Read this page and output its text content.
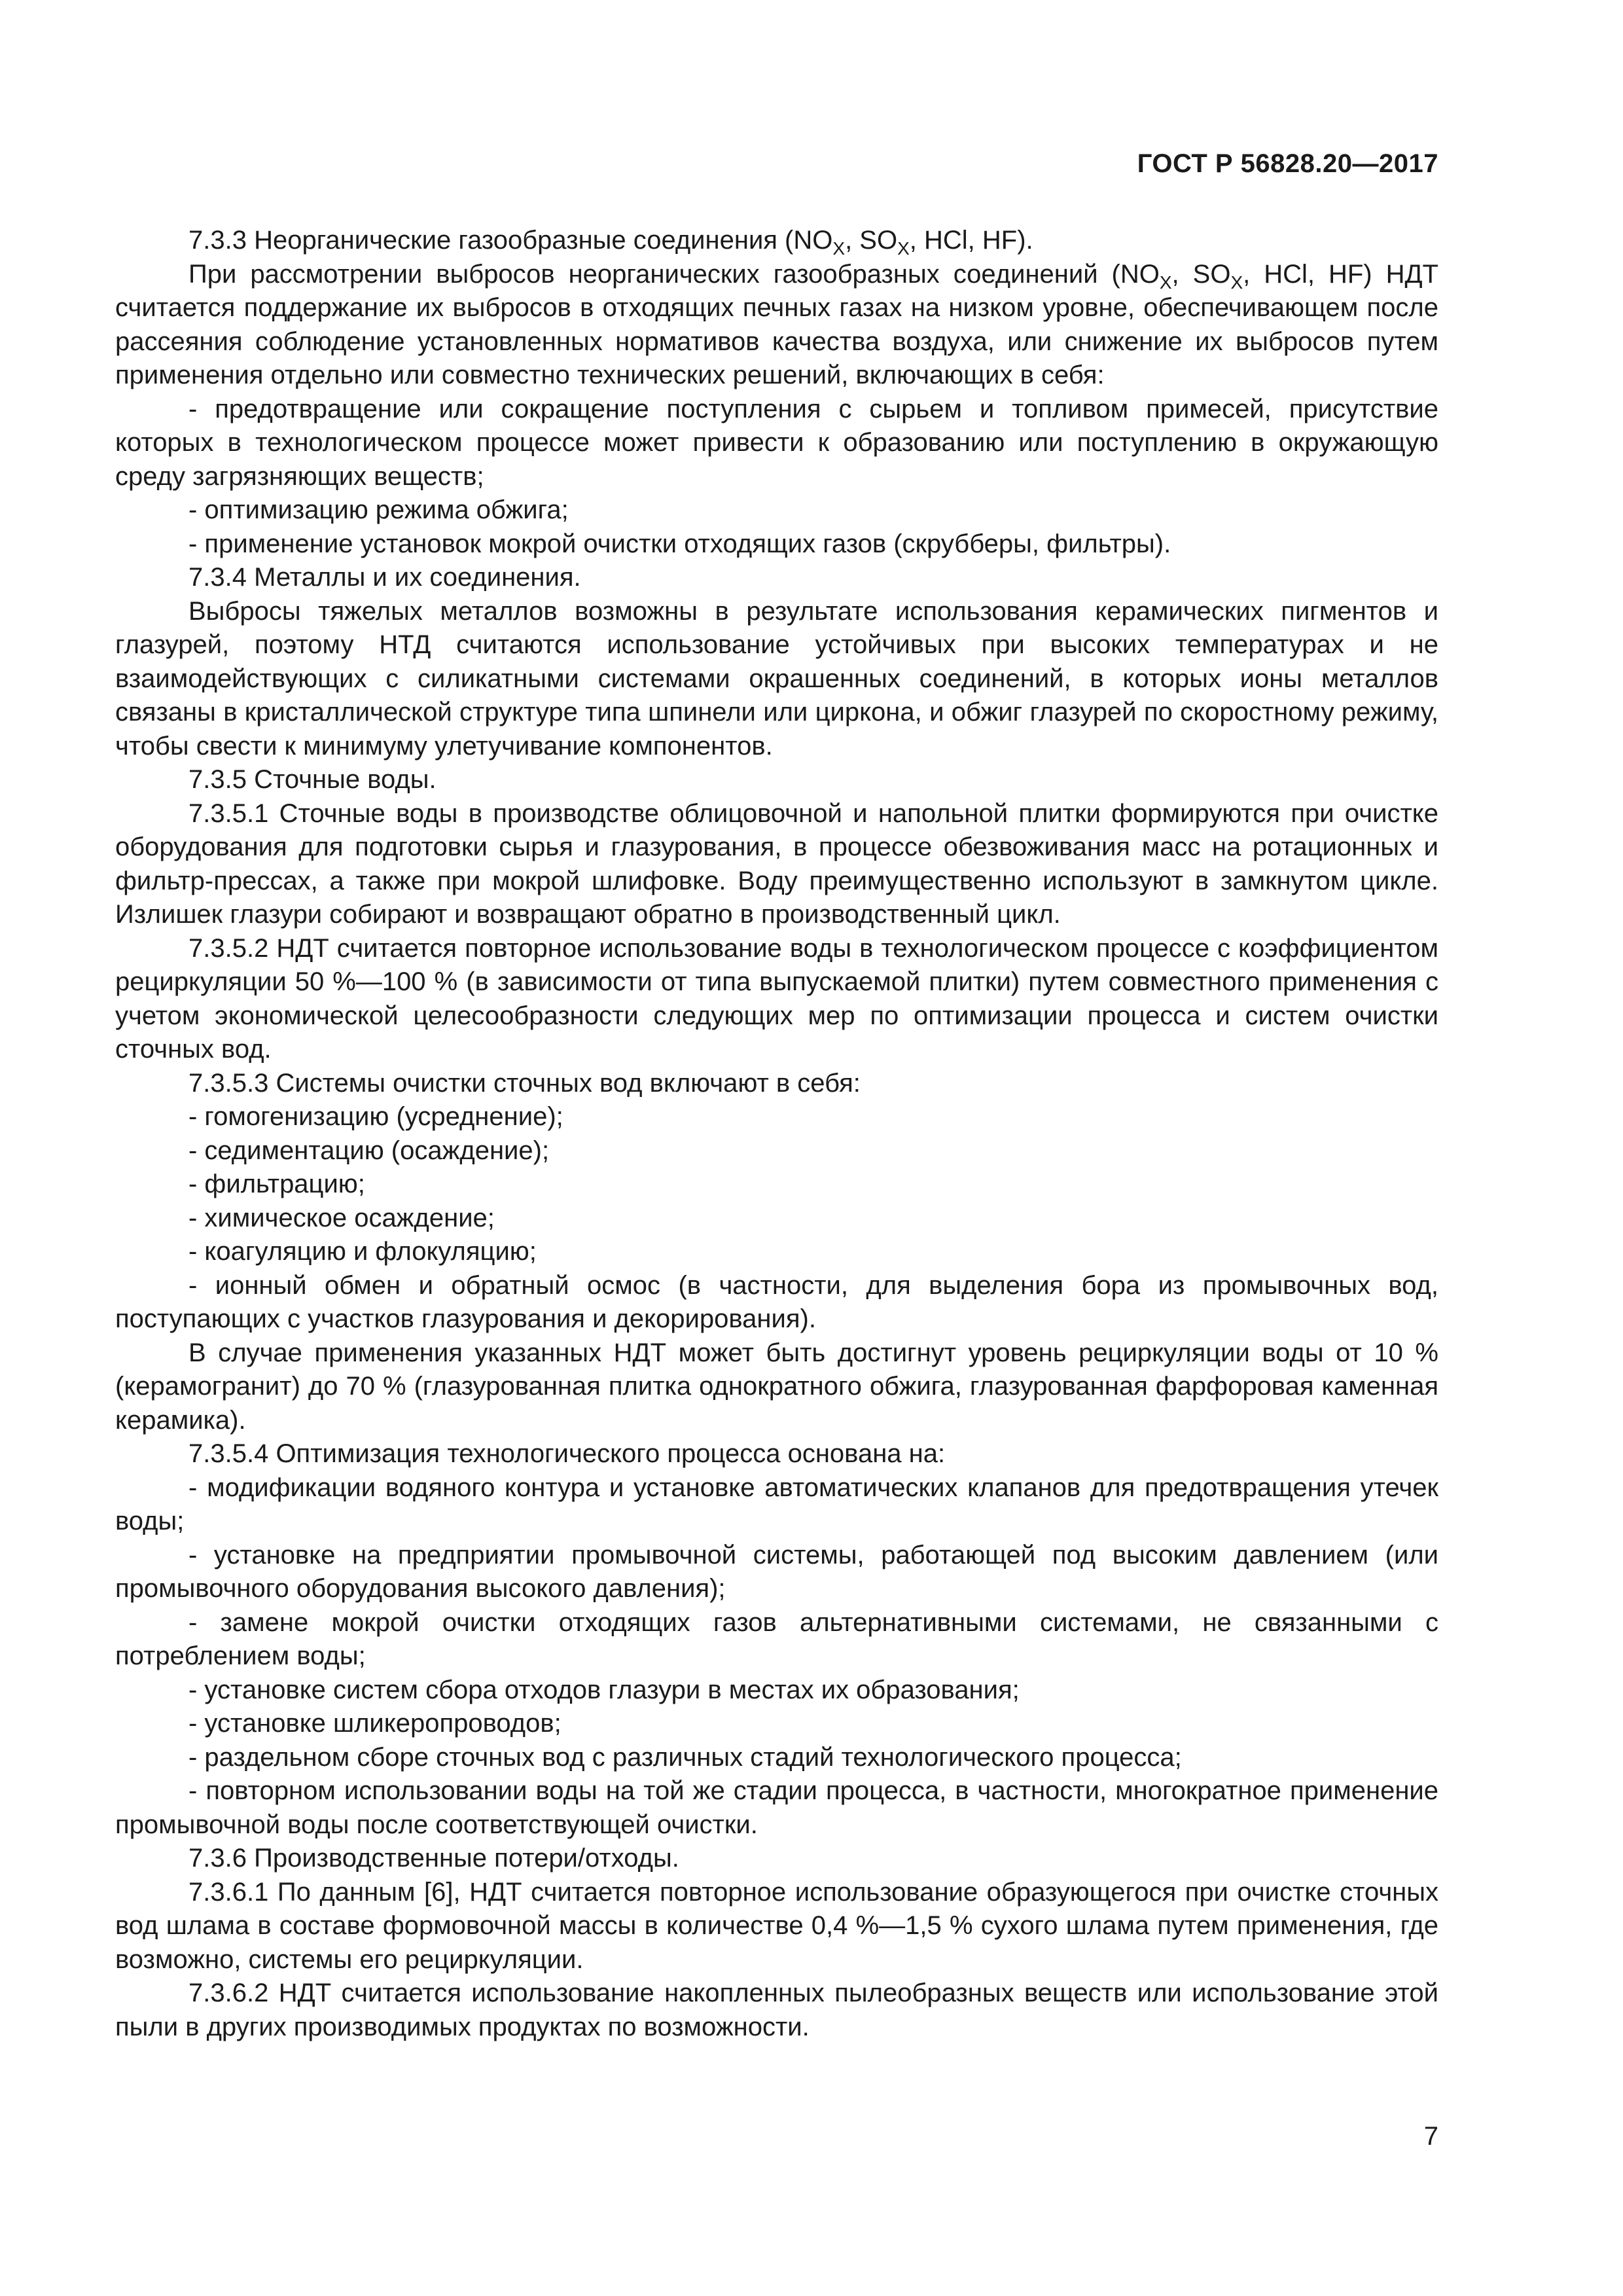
ГОСТ Р 56828.20—2017

7.3.3 Неорганические газообразные соединения ($NO_X$, $SO_X$, HCl, HF).

При рассмотрении выбросов неорганических газообразных соединений ($NO_X$, $SO_X$, HCl, HF) НДТ считается поддержание их выбросов в отходящих печных газах на низком уровне, обеспечивающем после рассеяния соблюдение установленных нормативов качества воздуха, или снижение их выбросов путем применения отдельно или совместно технических решений, включающих в себя:

- предотвращение или сокращение поступления с сырьем и топливом примесей, присутствие которых в технологическом процессе может привести к образованию или поступлению в окружающую среду загрязняющих веществ;

- оптимизацию режима обжига;

- применение установок мокрой очистки отходящих газов (скрубберы, фильтры).

7.3.4 Металлы и их соединения.

Выбросы тяжелых металлов возможны в результате использования керамических пигментов и глазурей, поэтому НТД считаются использование устойчивых при высоких температурах и не взаимодействующих с силикатными системами окрашенных соединений, в которых ионы металлов связаны в кристаллической структуре типа шпинели или циркона, и обжиг глазурей по скоростному режиму, чтобы свести к минимуму улетучивание компонентов.

7.3.5 Сточные воды.

7.3.5.1 Сточные воды в производстве облицовочной и напольной плитки формируются при очистке оборудования для подготовки сырья и глазурования, в процессе обезвоживания масс на ротационных и фильтр-прессах, а также при мокрой шлифовке. Воду преимущественно используют в замкнутом цикле. Излишек глазури собирают и возвращают обратно в производственный цикл.

7.3.5.2 НДТ считается повторное использование воды в технологическом процессе с коэффициентом рециркуляции 50 %—100 % (в зависимости от типа выпускаемой плитки) путем совместного применения с учетом экономической целесообразности следующих мер по оптимизации процесса и систем очистки сточных вод.

7.3.5.3 Системы очистки сточных вод включают в себя:

- гомогенизацию (усреднение);

- седиментацию (осаждение);

- фильтрацию;

- химическое осаждение;

- коагуляцию и флокуляцию;

- ионный обмен и обратный осмос (в частности, для выделения бора из промывочных вод, поступающих с участков глазурования и декорирования).

В случае применения указанных НДТ может быть достигнут уровень рециркуляции воды от 10 % (керамогранит) до 70 % (глазурованная плитка однократного обжига, глазурованная фарфоровая каменная керамика).

7.3.5.4 Оптимизация технологического процесса основана на:

- модификации водяного контура и установке автоматических клапанов для предотвращения утечек воды;

- установке на предприятии промывочной системы, работающей под высоким давлением (или промывочного оборудования высокого давления);

- замене мокрой очистки отходящих газов альтернативными системами, не связанными с потреблением воды;

- установке систем сбора отходов глазури в местах их образования;

- установке шликеропроводов;

- раздельном сборе сточных вод с различных стадий технологического процесса;

- повторном использовании воды на той же стадии процесса, в частности, многократное применение промывочной воды после соответствующей очистки.

7.3.6 Производственные потери/отходы.

7.3.6.1 По данным [6], НДТ считается повторное использование образующегося при очистке сточных вод шлама в составе формовочной массы в количестве 0,4 %—1,5 % сухого шлама путем применения, где возможно, системы его рециркуляции.

7.3.6.2 НДТ считается использование накопленных пылеобразных веществ или использование этой пыли в других производимых продуктах по возможности.

7
